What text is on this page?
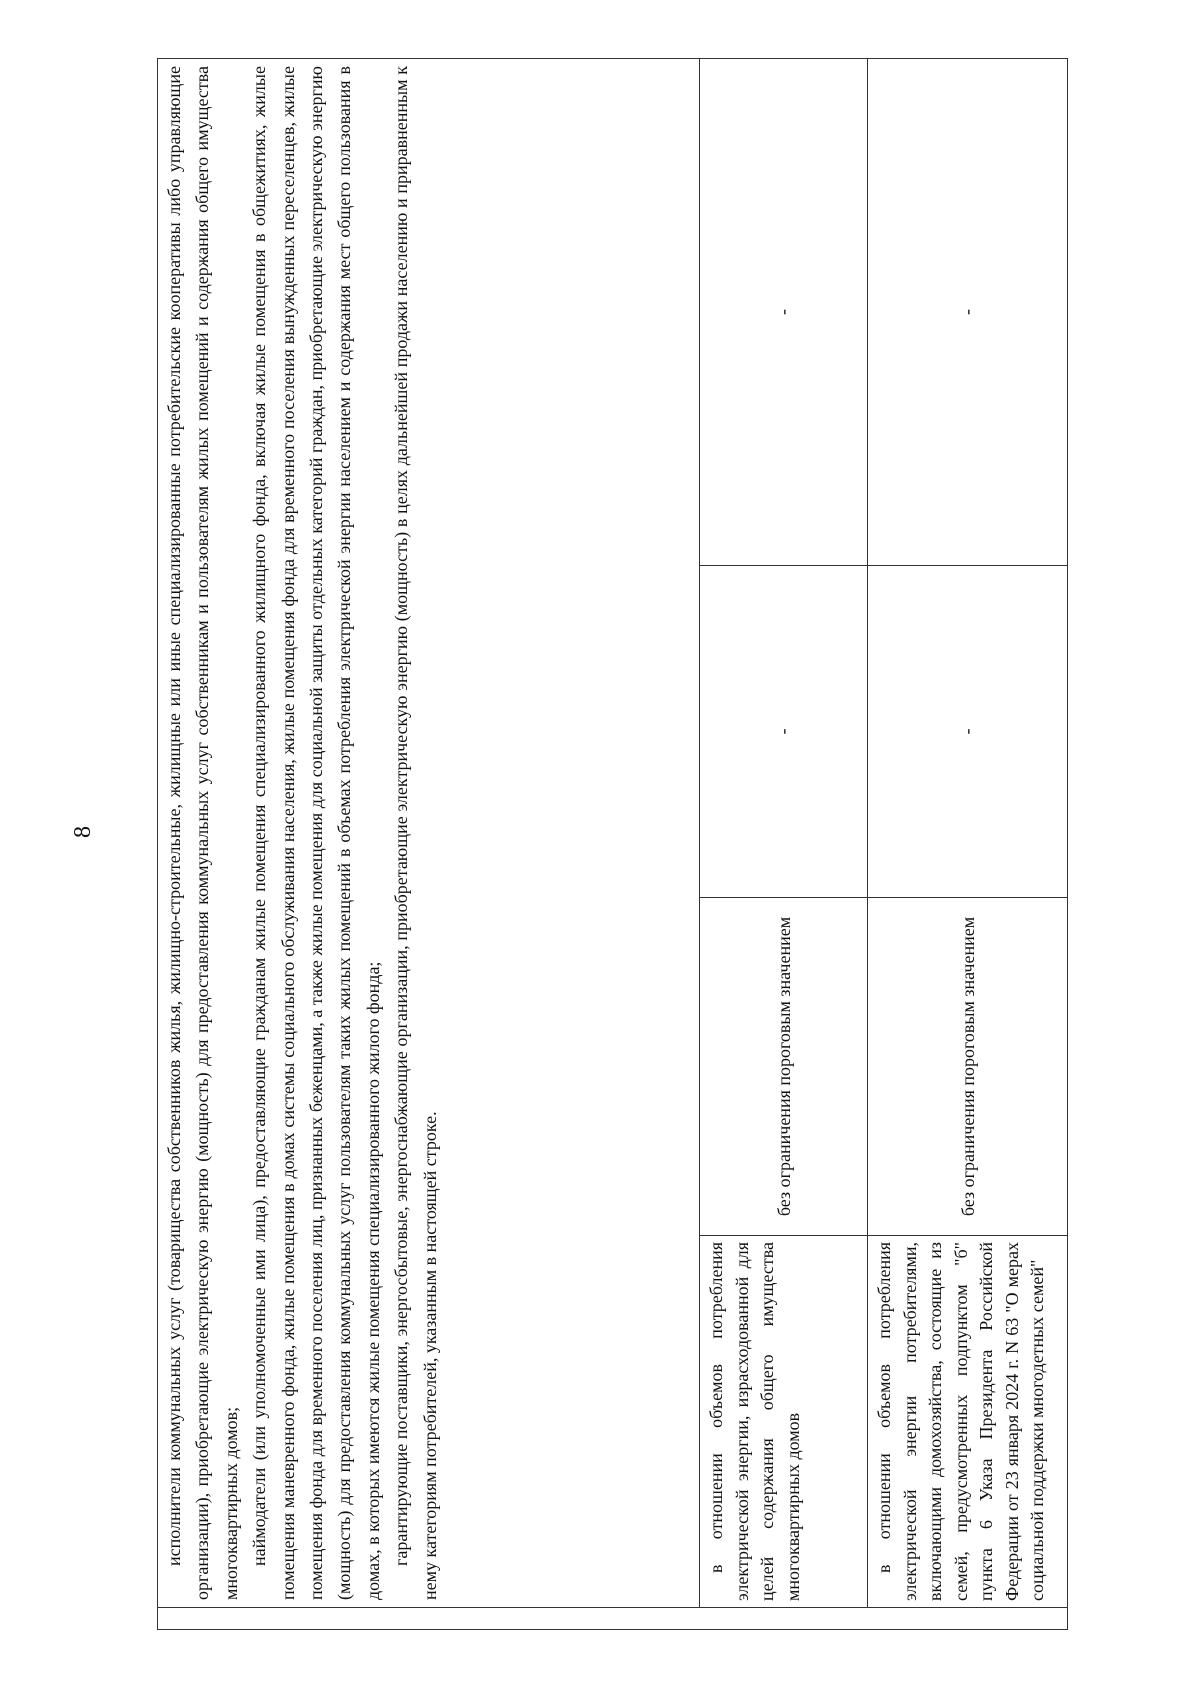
8

	исполнители коммунальных услуг (товарищества собственников жилья, жилищно-строительные, жилищные или иные специализированные потребительские кооперативы либо управляющие организации), приобретающие электрическую энергию (мощность) для предоставления коммунальных услуг собственникам и пользователям жилых помещений и содержания общего имущества многоквартирных домов; наймодатели (или уполномоченные ими лица), предоставляющие гражданам жилые помещения специализированного жилищного фонда, включая жилые помещения в общежитиях, жилые помещения маневренного фонда, жилые помещения в домах системы социального обслуживания населения, жилые помещения фонда для временного поселения вынужденных переселенцев, жилые помещения фонда для временного поселения лиц, признанных беженцами, а также жилые помещения для социальной защиты отдельных категорий граждан, приобретающие электрическую энергию (мощность) для предоставления коммунальных услуг пользователям таких жилых помещений в объемах потребления электрической энергии населением и содержания мест общего пользования в домах, в которых имеются жилые помещения специализированного жилого фонда; гарантирующие поставщики, энергосбытовые, энергоснабжающие организации, приобретающие электрическую энергию (мощность) в целях дальнейшей продажи населению и приравненным к нему категориям потребителей, указанным в настоящей строке.			

	в отношении объемов потребления электрической энергии, израсходованной для целей содержания общего имущества многоквартирных домов	без ограничения пороговым значением	-	-

	в отношении объемов потребления электрической энергии потребителями, включающими домохозяйства, состоящие из семей, предусмотренных подпунктом "б" пункта 6 Указа Президента Российской Федерации от 23 января 2024 г. N 63 "О мерах социальной поддержки многодетных семей"	без ограничения пороговым значением	-	-
